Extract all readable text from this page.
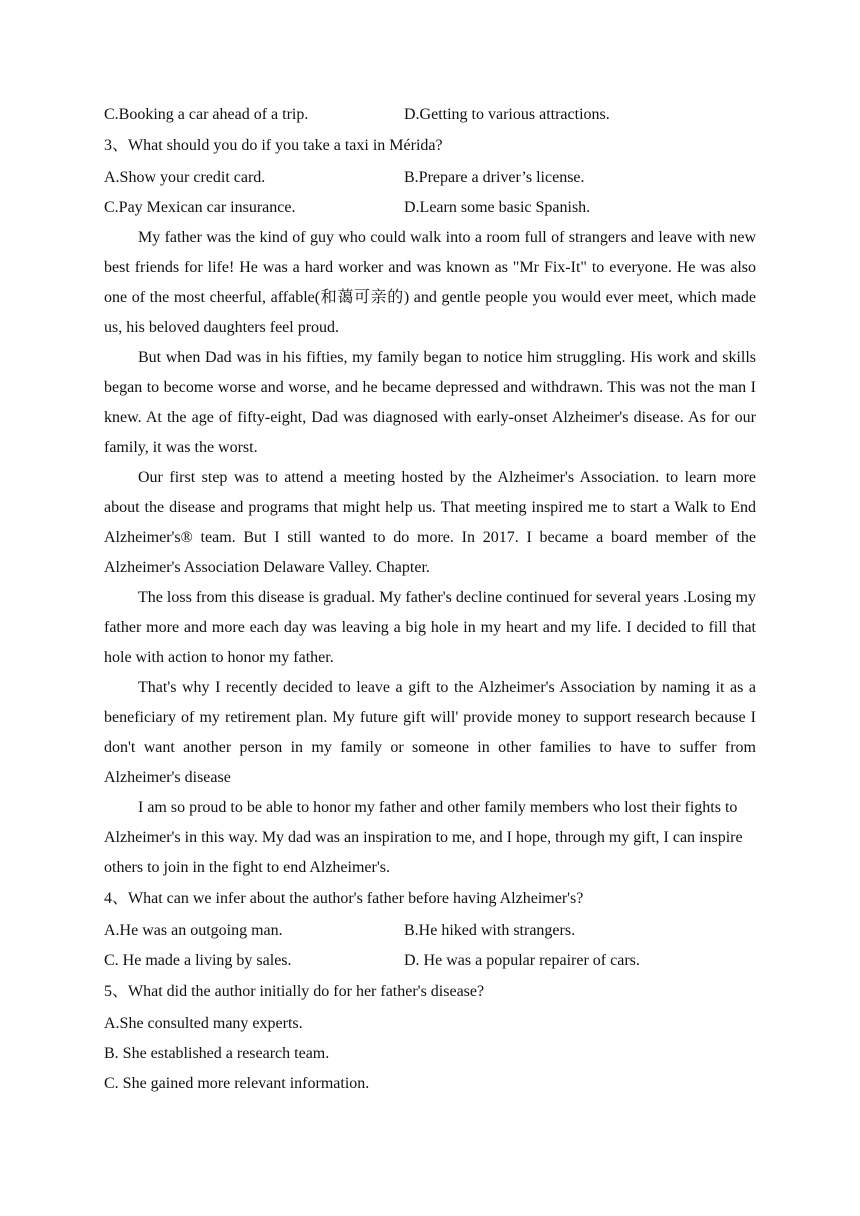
C.Booking a car ahead of a trip.	D.Getting to various attractions.
3、What should you do if you take a taxi in Mérida?
A.Show your credit card.	B.Prepare a driver’s license.
C.Pay Mexican car insurance.	D.Learn some basic Spanish.

My father was the kind of guy who could walk into a room full of strangers and leave with new best friends for life! He was a hard worker and was known as "Mr Fix-It" to everyone. He was also one of the most cheerful, affable(和蔼可亲的) and gentle people you would ever meet, which made us, his beloved daughters feel proud.

But when Dad was in his fifties, my family began to notice him struggling. His work and skills began to become worse and worse, and he became depressed and withdrawn. This was not the man I knew. At the age of fifty-eight, Dad was diagnosed with early-onset Alzheimer's disease. As for our family, it was the worst.

Our first step was to attend a meeting hosted by the Alzheimer's Association. to learn more about the disease and programs that might help us. That meeting inspired me to start a Walk to End Alzheimer's® team. But I still wanted to do more. In 2017. I became a board member of the Alzheimer's Association Delaware Valley. Chapter.

The loss from this disease is gradual. My father's decline continued for several years .Losing my father more and more each day was leaving a big hole in my heart and my life. I decided to fill that hole with action to honor my father.

That's why I recently decided to leave a gift to the Alzheimer's Association by naming it as a beneficiary of my retirement plan. My future gift will' provide money to support research because I don't want another person in my family or someone in other families to have to suffer from Alzheimer's disease

I am so proud to be able to honor my father and other family members who lost their fights to Alzheimer's in this way. My dad was an inspiration to me, and I hope, through my gift, I can inspire others to join in the fight to end Alzheimer's.

4、What can we infer about the author's father before having Alzheimer's?
A.He was an outgoing man.	B.He hiked with strangers.
C. He made a living by sales.	D. He was a popular repairer of cars.
5、What did the author initially do for her father's disease?
A.She consulted many experts.
B. She established a research team.
C. She gained more relevant information.
